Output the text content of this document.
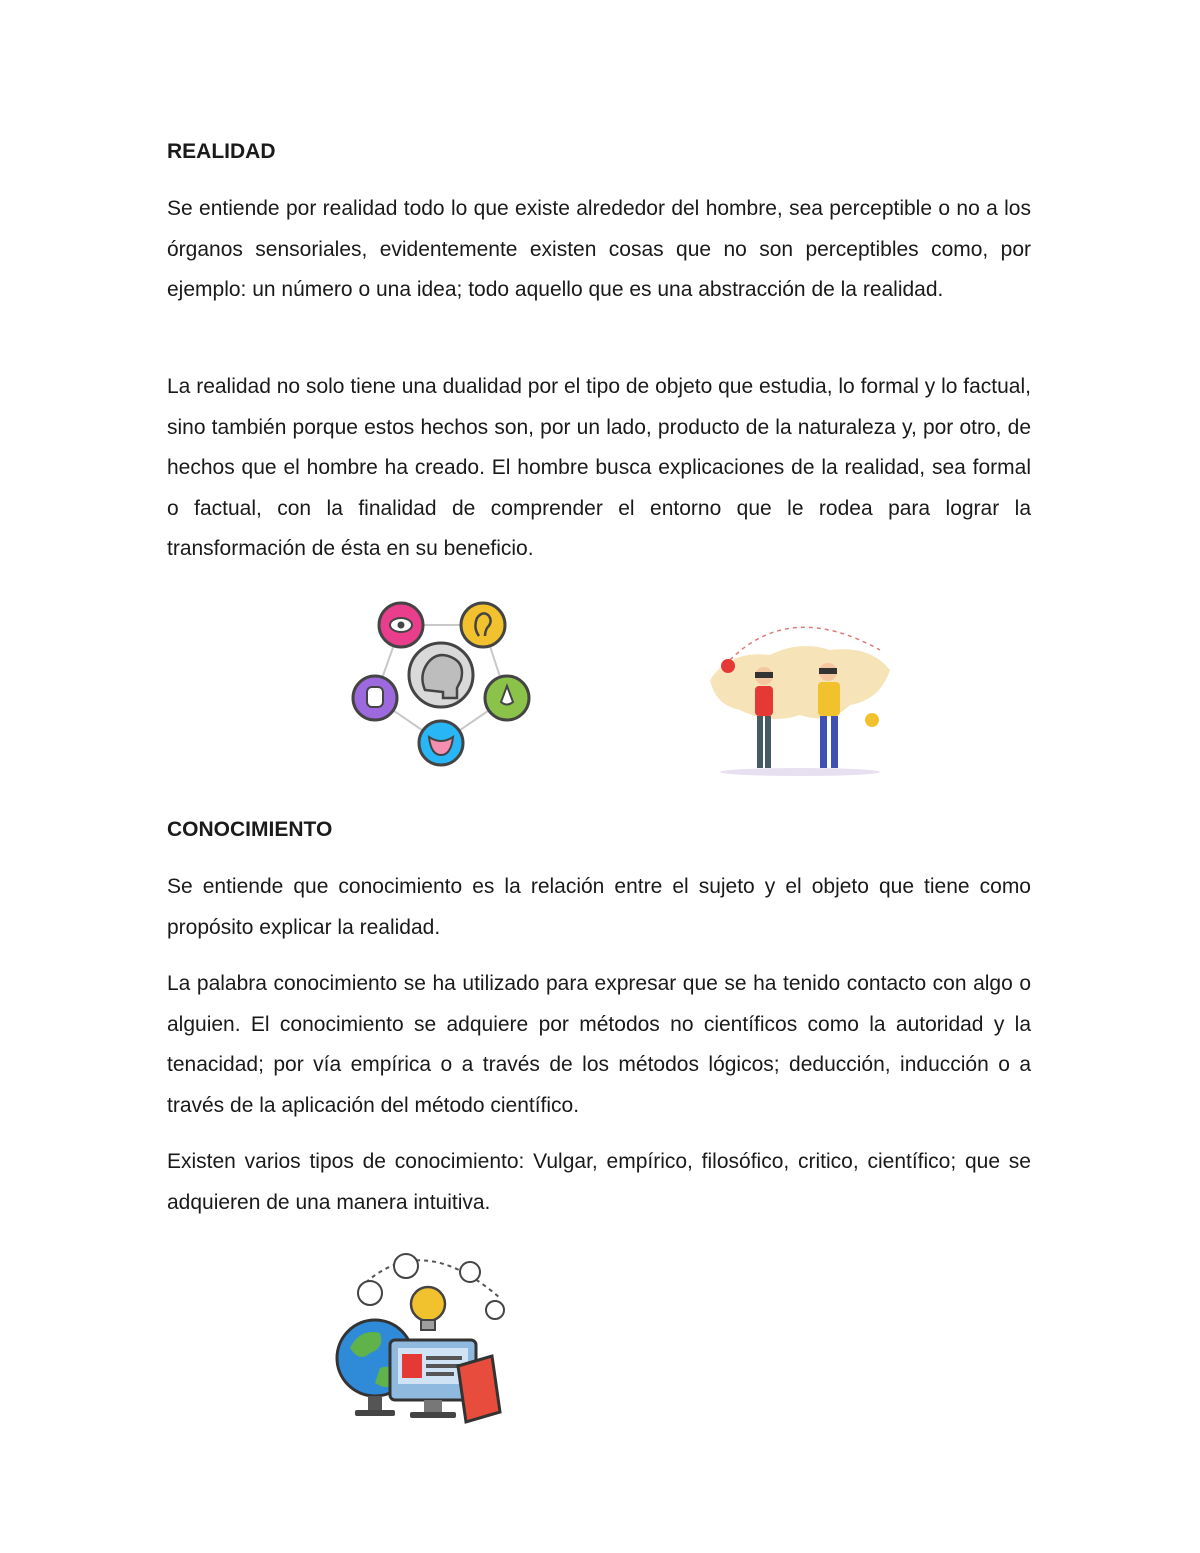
REALIDAD

Se entiende por realidad todo lo que existe alrededor del hombre, sea perceptible o no a los órganos sensoriales, evidentemente existen cosas que no son perceptibles como, por ejemplo: un número o una idea; todo aquello que es una abstracción de la realidad.

La realidad no solo tiene una dualidad por el tipo de objeto que estudia, lo formal y lo factual, sino también porque estos hechos son, por un lado, producto de la naturaleza y, por otro, de hechos que el hombre ha creado. El hombre busca explicaciones de la realidad, sea formal o factual, con la finalidad de comprender el entorno que le rodea para lograr la transformación de ésta en su beneficio.

CONOCIMIENTO

Se entiende que conocimiento es la relación entre el sujeto y el objeto que tiene como propósito explicar la realidad.

La palabra conocimiento se ha utilizado para expresar que se ha tenido contacto con algo o alguien. El conocimiento se adquiere por métodos no científicos como la autoridad y la tenacidad; por vía empírica o a través de los métodos lógicos; deducción, inducción o a través de la aplicación del método científico.

Existen varios tipos de conocimiento: Vulgar, empírico, filosófico, critico, científico; que se adquieren de una manera intuitiva.
